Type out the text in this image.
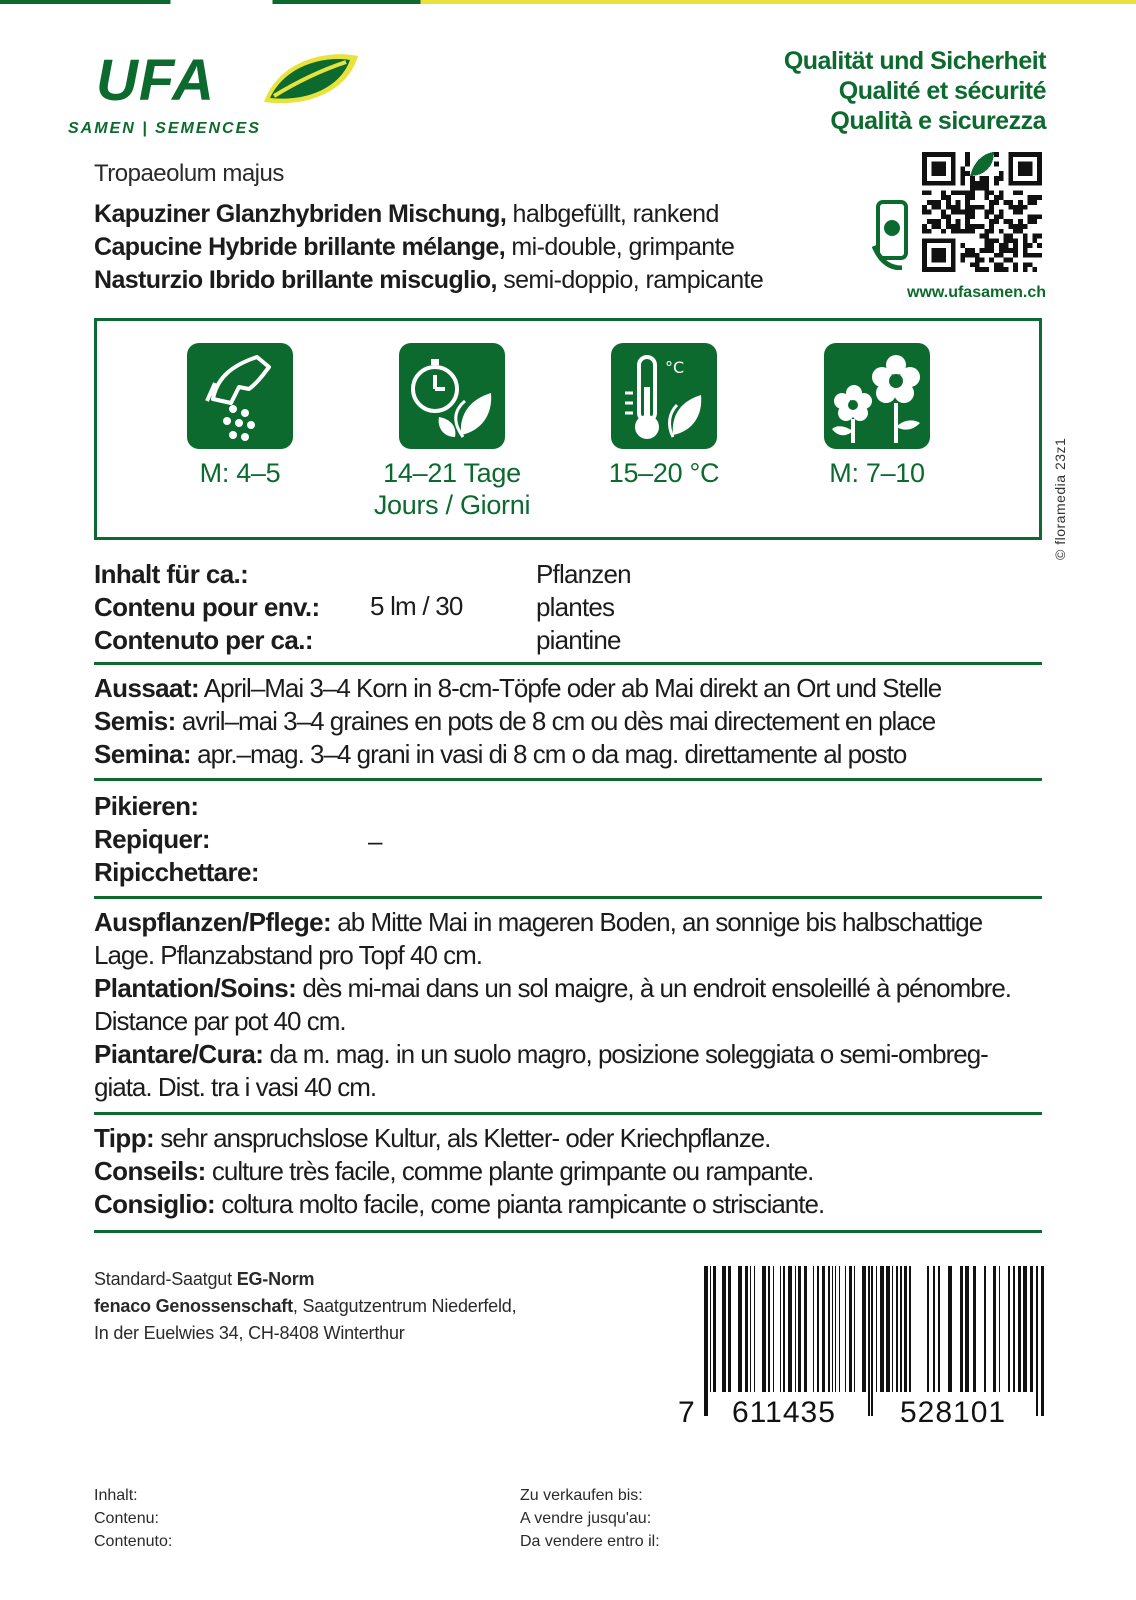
UFA
SAMEN | SEMENCES
Qualität und Sicherheit
Qualité et sécurité
Qualità e sicurezza
www.ufasamen.ch
© floramedia 23z1
Tropaeolum majus
Kapuziner Glanzhybriden Mischung, halbgefüllt, rankend
Capucine Hybride brillante mélange, mi-double, grimpante
Nasturzio Ibrido brillante miscuglio, semi-doppio, rampicante
M: 4–5	14–21 Tage
Jours / Giorni
°C
15–20 °C	M: 7–10
Inhalt für ca.:
Contenu pour env.:
Contenuto per ca.:
5 lm / 30
Pflanzen
plantes
piantine
Aussaat: April–Mai 3–4 Korn in 8-cm-Töpfe oder ab Mai direkt an Ort und Stelle
Semis: avril–mai 3–4 graines en pots de 8 cm ou dès mai directement en place
Semina: apr.–mag. 3–4 grani in vasi di 8 cm o da mag. direttamente al posto
Pikieren:
Repiquer:
Ripicchettare:
–
Auspflanzen/Pflege: ab Mitte Mai in mageren Boden, an sonnige bis halbschattige
Lage. Pflanzabstand pro Topf 40 cm.
Plantation/Soins: dès mi-mai dans un sol maigre, à un endroit ensoleillé à pénombre.
Distance par pot 40 cm.
Piantare/Cura: da m. mag. in un suolo magro, posizione soleggiata o semi-ombreg-
giata. Dist. tra i vasi 40 cm.
Tipp: sehr anspruchslose Kultur, als Kletter- oder Kriechpflanze.
Conseils: culture très facile, comme plante grimpante ou rampante.
Consiglio: coltura molto facile, come pianta rampicante o strisciante.
Standard-Saatgut EG-Norm
fenaco Genossenschaft, Saatgutzentrum Niederfeld,
In der Euelwies 34, CH-8408 Winterthur
7 611435 528101
Inhalt:
Contenu:
Contenuto:
Zu verkaufen bis:
A vendre jusqu'au:
Da vendere entro il:
